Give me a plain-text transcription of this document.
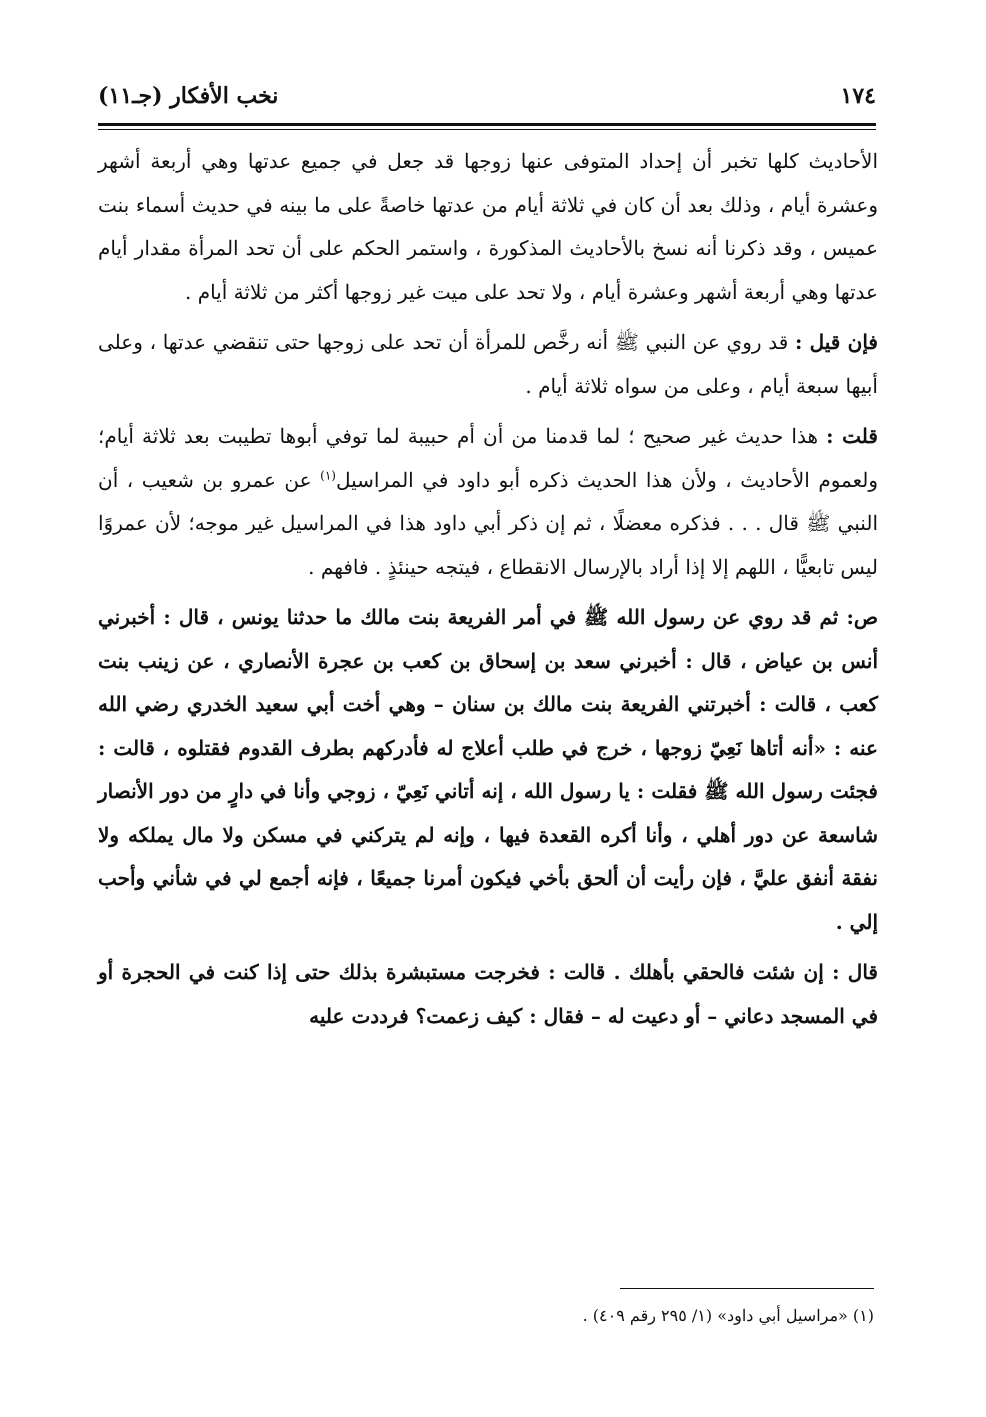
١٧٤
نخب الأفكار (جـ١١)

الأحاديث كلها تخبر أن إحداد المتوفى عنها زوجها قد جعل في جميع عدتها وهي أربعة أشهر وعشرة أيام ، وذلك بعد أن كان في ثلاثة أيام من عدتها خاصةً على ما بينه في حديث أسماء بنت عميس ، وقد ذكرنا أنه نسخ بالأحاديث المذكورة ، واستمر الحكم على أن تحد المرأة مقدار أيام عدتها وهي أربعة أشهر وعشرة أيام ، ولا تحد على ميت غير زوجها أكثر من ثلاثة أيام .

فإن قيل : قد روي عن النبي ﷺ أنه رخَّص للمرأة أن تحد على زوجها حتى تنقضي عدتها ، وعلى أبيها سبعة أيام ، وعلى من سواه ثلاثة أيام .

قلت : هذا حديث غير صحيح ؛ لما قدمنا من أن أم حبيبة لما توفي أبوها تطيبت بعد ثلاثة أيام؛ ولعموم الأحاديث ، ولأن هذا الحديث ذكره أبو داود في المراسيل$^{(١)}$ عن عمرو بن شعيب ، أن النبي ﷺ قال . . . فذكره معضلًا ، ثم إن ذكر أبي داود هذا في المراسيل غير موجه؛ لأن عمروًا ليس تابعيًّا ، اللهم إلا إذا أراد بالإرسال الانقطاع ، فيتجه حينئذٍ . فافهم .

ص: ثم قد روي عن رسول الله ﷺ في أمر الفريعة بنت مالك ما حدثنا يونس ، قال : أخبرني أنس بن عياض ، قال : أخبرني سعد بن إسحاق بن كعب بن عجرة الأنصاري ، عن زينب بنت كعب ، قالت : أخبرتني الفريعة بنت مالك بن سنان – وهي أخت أبي سعيد الخدري رضي الله عنه : «أنه أتاها نَعِيّ زوجها ، خرج في طلب أعلاج له فأدركهم بطرف القدوم فقتلوه ، قالت : فجئت رسول الله ﷺ فقلت : يا رسول الله ، إنه أتاني نَعِيّ ، زوجي وأنا في دارٍ من دور الأنصار شاسعة عن دور أهلي ، وأنا أكره القعدة فيها ، وإنه لم يتركني في مسكن ولا مال يملكه ولا نفقة أنفق عليَّ ، فإن رأيت أن ألحق بأخي فيكون أمرنا جميعًا ، فإنه أجمع لي في شأني وأحب إلي .

قال : إن شئت فالحقي بأهلك . قالت : فخرجت مستبشرة بذلك حتى إذا كنت في الحجرة أو في المسجد دعاني – أو دعيت له – فقال : كيف زعمت؟ فرددت عليه

(١) «مراسيل أبي داود» (١/ ٢٩٥ رقم ٤٠٩) .
